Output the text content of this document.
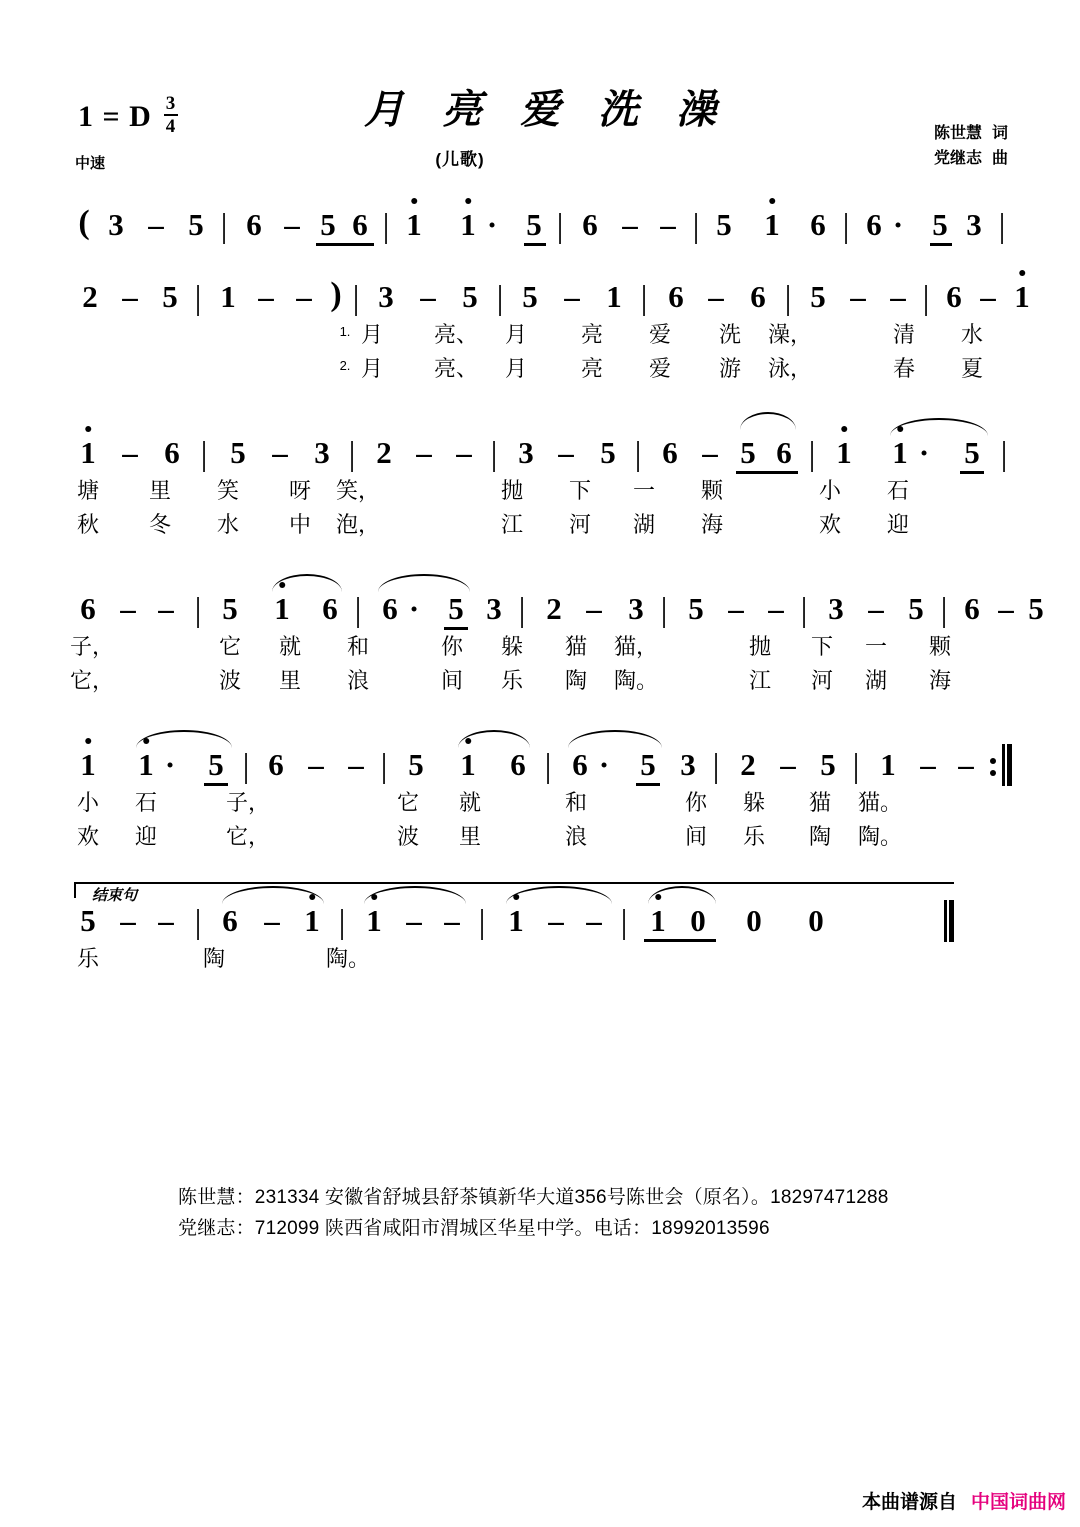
1 = D $\frac{3}{4}$
中速
月 亮 爱 洗 澡
(儿歌)
陈世慧 词
党继志 曲
( 3 – 5 | 6 – 5 6 | 1 1 · 5 | 6 – – | 5 1 6 | 6 · 5 3 |
2 – 5 | 1 – – ) | 3 – 5 | 5 – 1 | 6 – 6 | 5 – – | 6 – 1
1. 月 亮、 月 亮 爱 洗 澡，	清 水
2. 月 亮、 月 亮 爱 游 泳，	春 夏
1 – 6 | 5 – 3 | 2 – – | 3 – 5 | 6 – 5 6 | 1 1 · 5 |
塘 里 笑 呀 笑，	抛 下 一 颗	小 石
秋 冬 水 中 泡，	江 河 湖 海	欢 迎
6 – – | 5 1 6 | 6 · 5 3 | 2 – 3 | 5 – – | 3 – 5 | 6 – 5
子，	它 就 和	你 躲 猫 猫，	抛 下 一 颗
它，	波 里 浪	间 乐 陶 陶。	江 河 湖 海
1 1 · 5 | 6 – – | 5 1 6 | 6 · 5 3 | 2 – 5 | 1 – –
小 石	子，	它 就	和	你 躲 猫 猫。
欢 迎	它，	波 里	浪	间 乐 陶 陶。
结束句
5 – – | 6 – 1 | 1 – – | 1 – – | 1 0 0 0
乐	陶	陶。
陈世慧：231334 安徽省舒城县舒茶镇新华大道356号陈世会（原名）。18297471288
党继志：712099 陕西省咸阳市渭城区华星中学。电话：18992013596
本曲谱源自 中国词曲网
